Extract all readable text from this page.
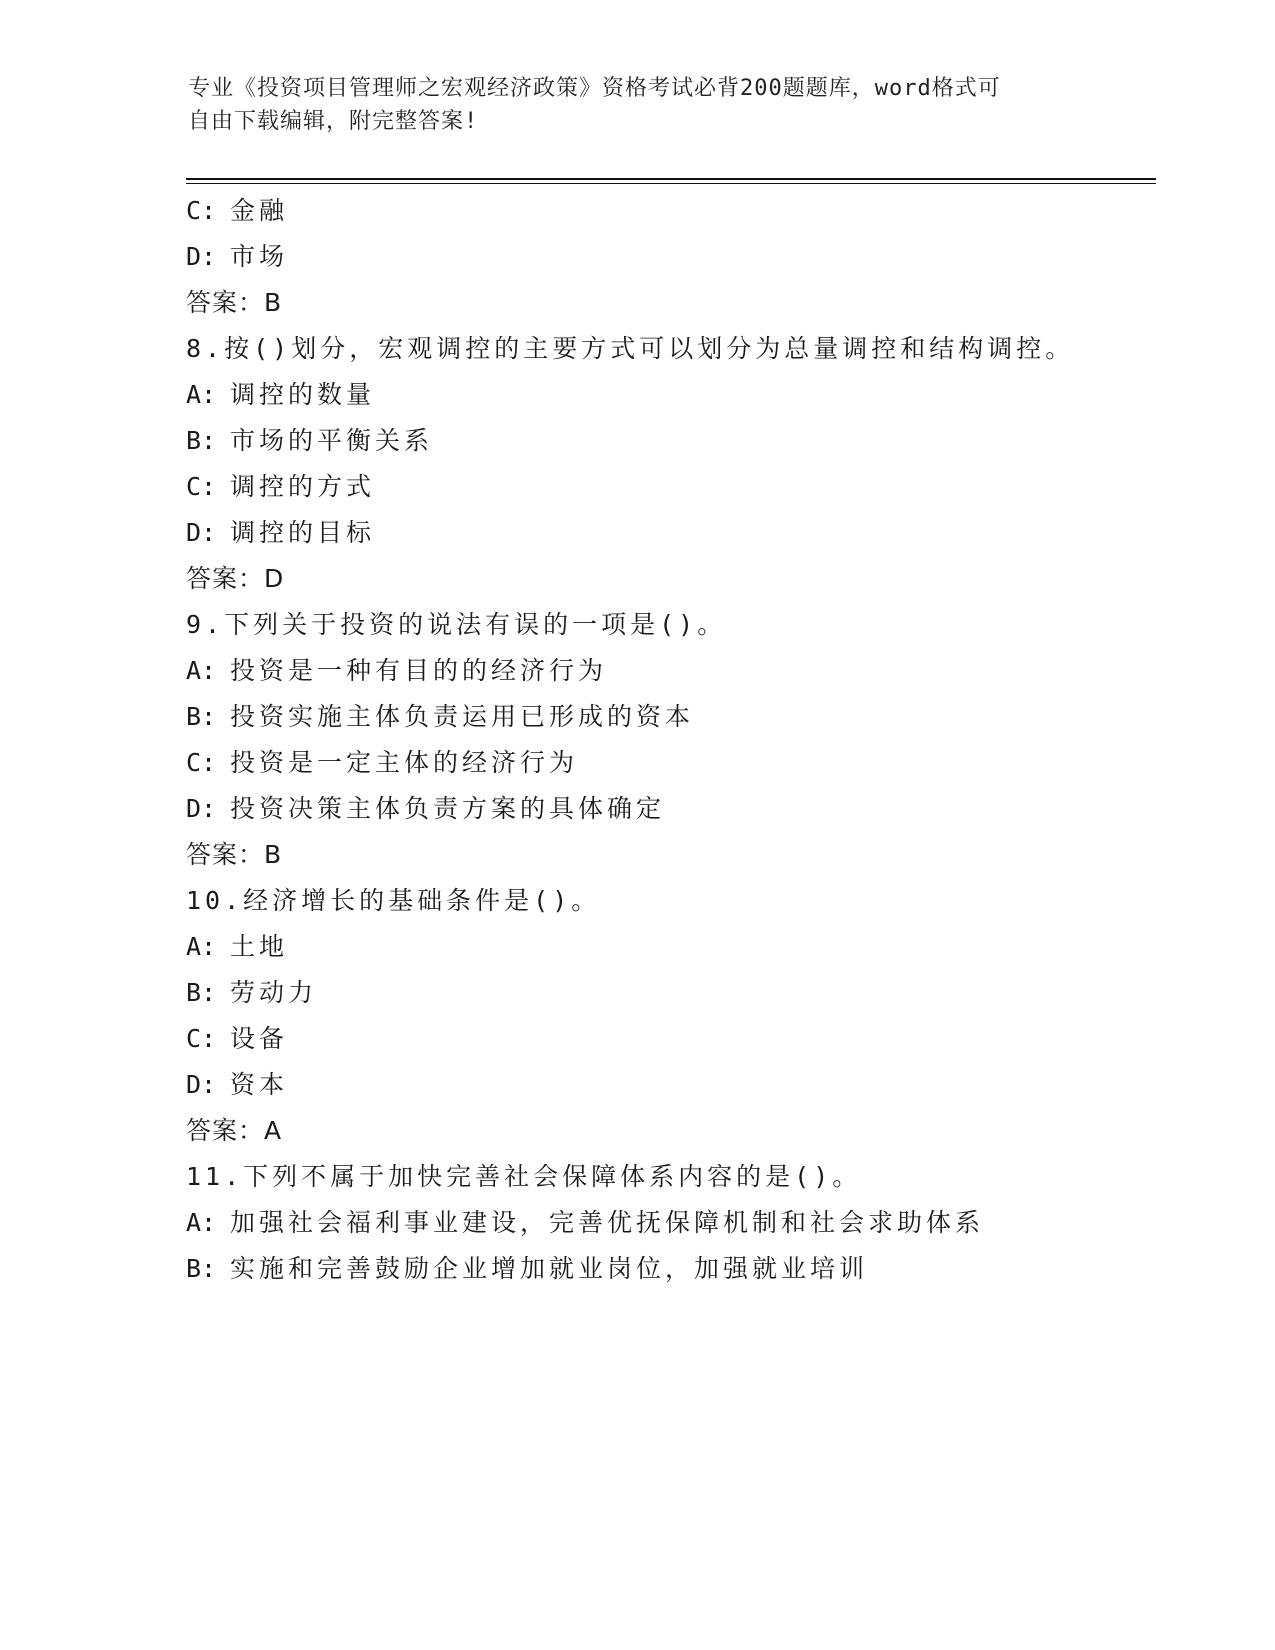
专业《投资项目管理师之宏观经济政策》资格考试必背200题题库，word格式可
自由下载编辑，附完整答案!
C: 金融
D: 市场
答案：B
8.按()划分，宏观调控的主要方式可以划分为总量调控和结构调控。
A: 调控的数量
B: 市场的平衡关系
C: 调控的方式
D: 调控的目标
答案：D
9.下列关于投资的说法有误的一项是()。
A: 投资是一种有目的的经济行为
B: 投资实施主体负责运用已形成的资本
C: 投资是一定主体的经济行为
D: 投资决策主体负责方案的具体确定
答案：B
10.经济增长的基础条件是()。
A: 土地
B: 劳动力
C: 设备
D: 资本
答案：A
11.下列不属于加快完善社会保障体系内容的是()。
A: 加强社会福利事业建设，完善优抚保障机制和社会求助体系
B: 实施和完善鼓励企业增加就业岗位，加强就业培训
